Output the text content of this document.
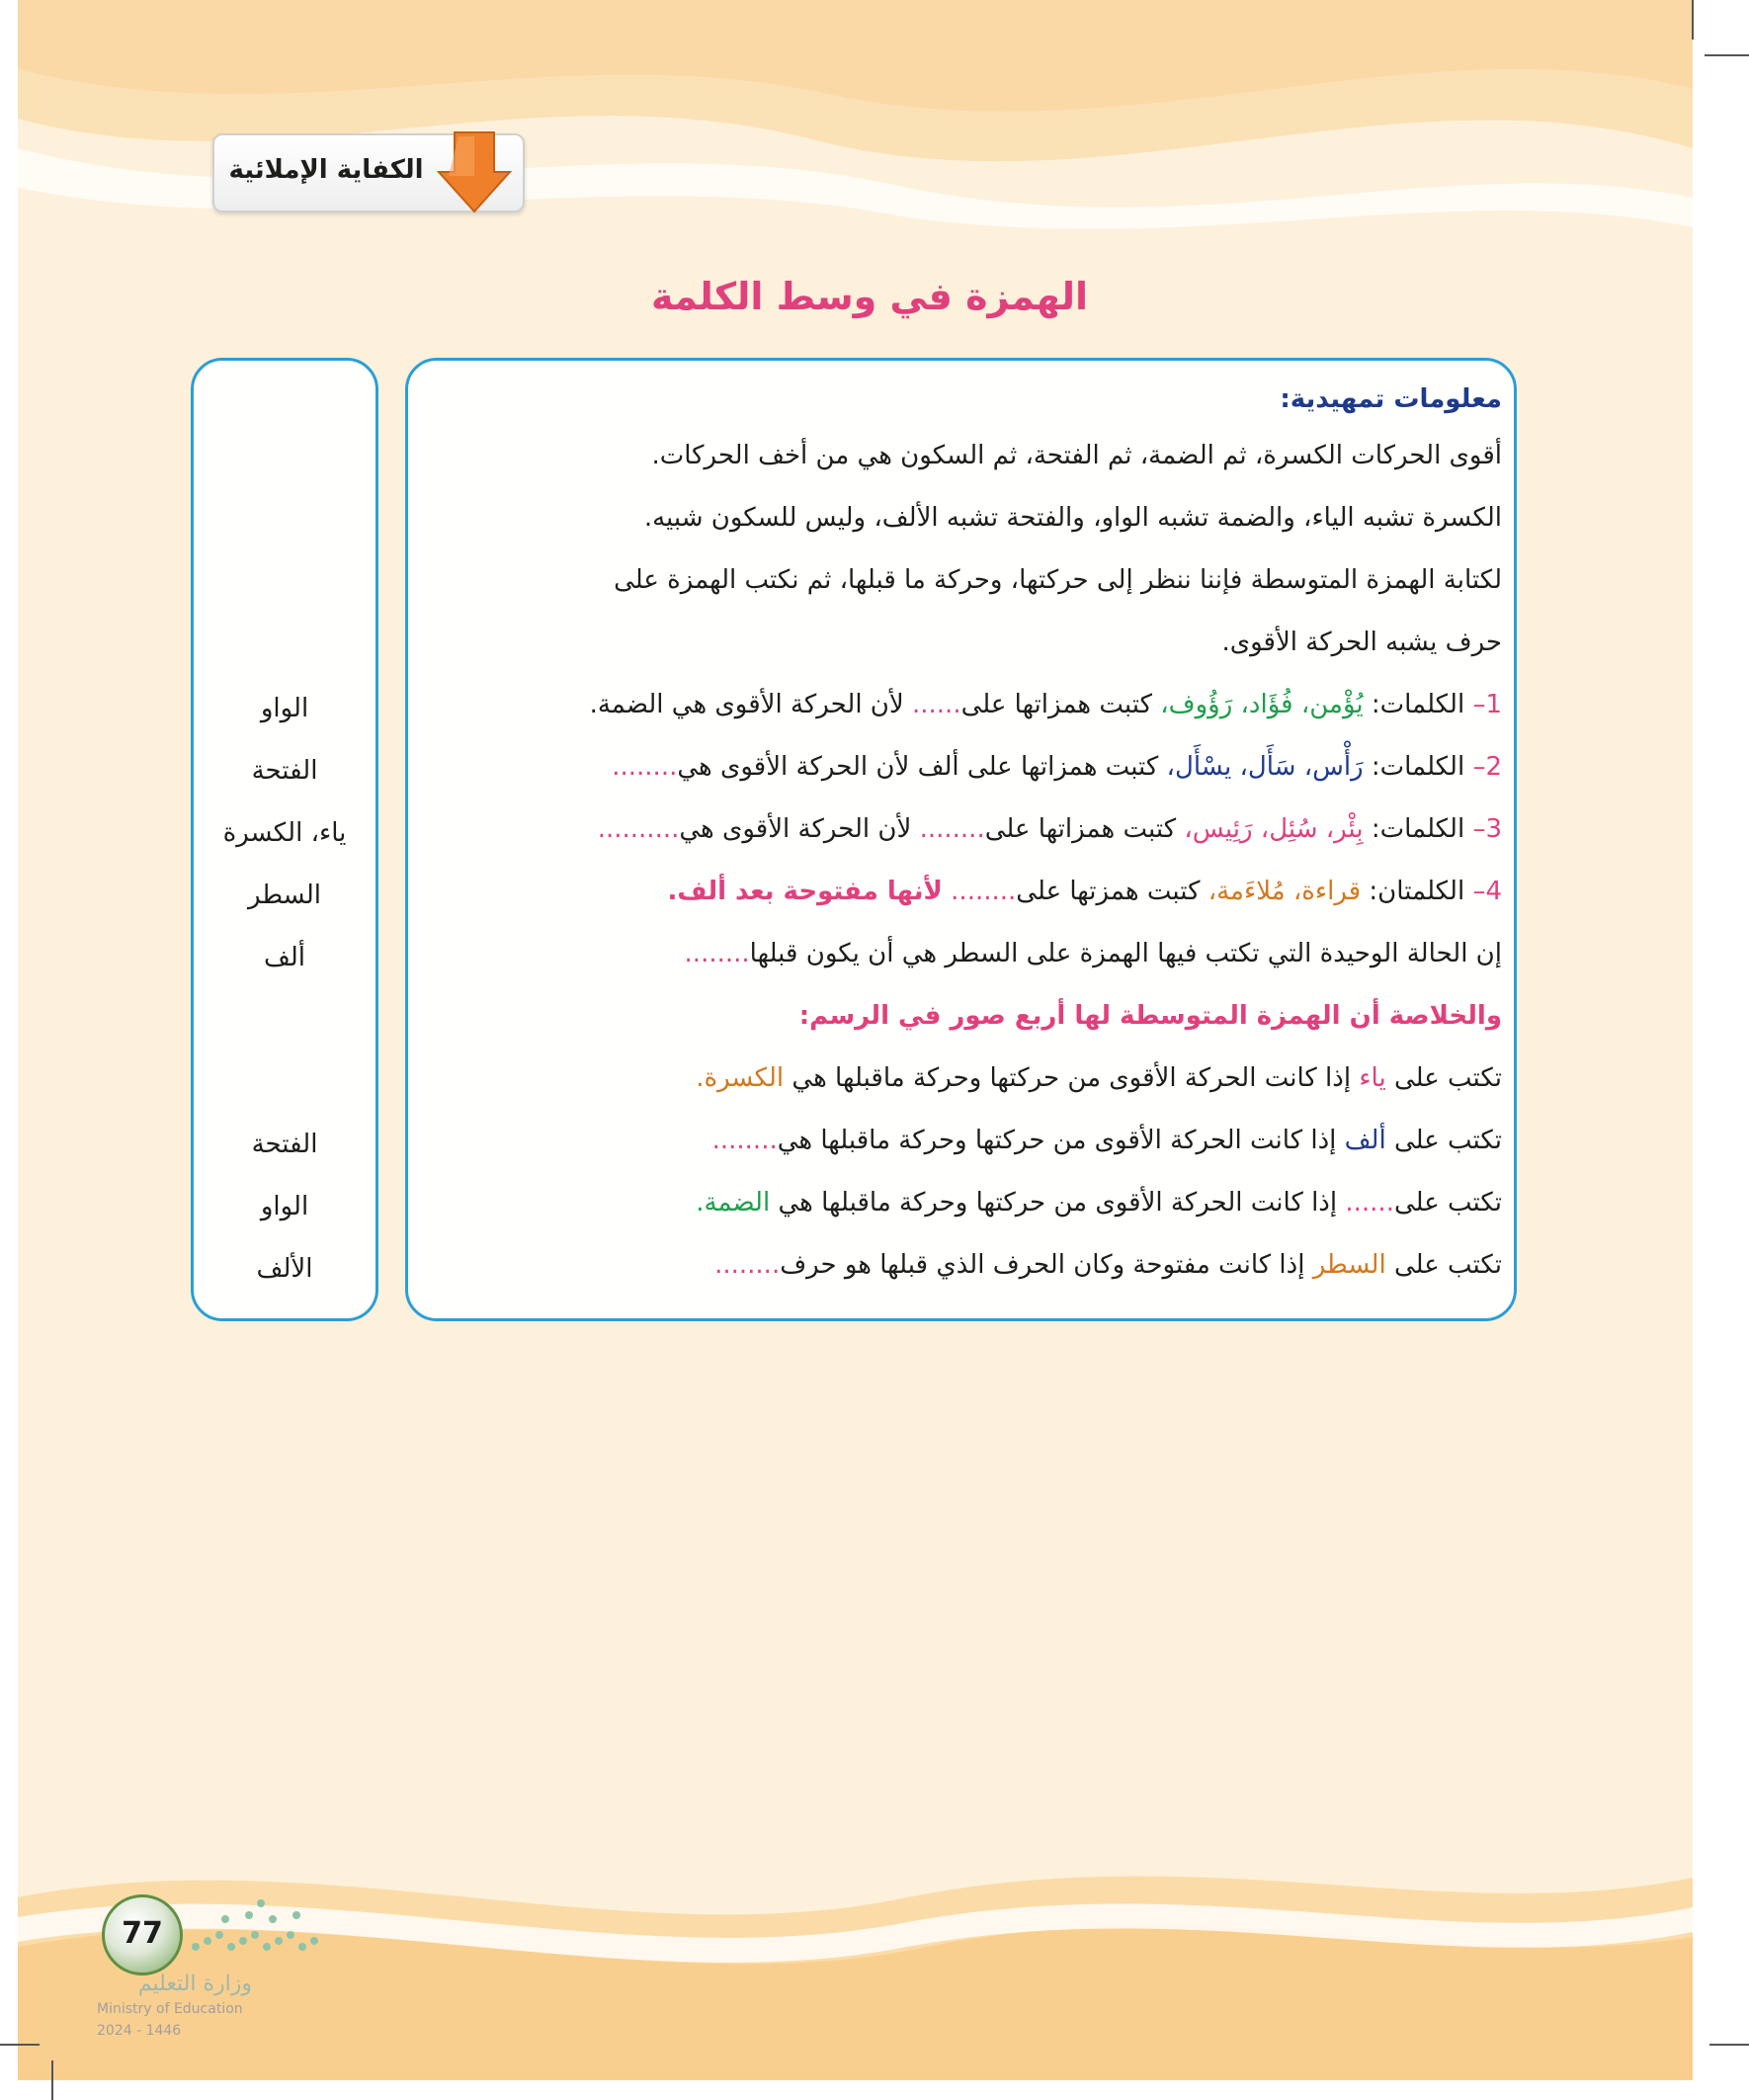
الكفاية الإملائية
الهمزة في وسط الكلمة
معلومات تمهيدية:
أقوى الحركات الكسرة، ثم الضمة، ثم الفتحة، ثم السكون هي من أخف الحركات.
الكسرة تشبه الياء، والضمة تشبه الواو، والفتحة تشبه الألف، وليس للسكون شبيه.
لكتابة الهمزة المتوسطة فإننا ننظر إلى حركتها، وحركة ما قبلها، ثم نكتب الهمزة على
حرف يشبه الحركة الأقوى.
1– الكلمات: يُؤْمن، فُؤَاد، رَؤُوف، كتبت همزاتها على...... لأن الحركة الأقوى هي الضمة.
2– الكلمات: رَأْس، سَأَل، يسْأَل، كتبت همزاتها على ألف لأن الحركة الأقوى هي........
3– الكلمات: بِئْر، سُئِل، رَئِيس، كتبت همزاتها على........ لأن الحركة الأقوى هي..........
4– الكلمتان: قراءة، مُلاءَمة، كتبت همزتها على........ لأنها مفتوحة بعد ألف.
إن الحالة الوحيدة التي تكتب فيها الهمزة على السطر هي أن يكون قبلها........
والخلاصة أن الهمزة المتوسطة لها أربع صور في الرسم:
تكتب على ياء إذا كانت الحركة الأقوى من حركتها وحركة ماقبلها هي الكسرة.
تكتب على ألف إذا كانت الحركة الأقوى من حركتها وحركة ماقبلها هي........
تكتب على...... إذا كانت الحركة الأقوى من حركتها وحركة ماقبلها هي الضمة.
تكتب على السطر إذا كانت مفتوحة وكان الحرف الذي قبلها هو حرف........
الواو
الفتحة
ياء، الكسرة
السطر
ألف
الفتحة
الواو
الألف
77
وزارة التعليم
Ministry of Education
2024 - 1446
